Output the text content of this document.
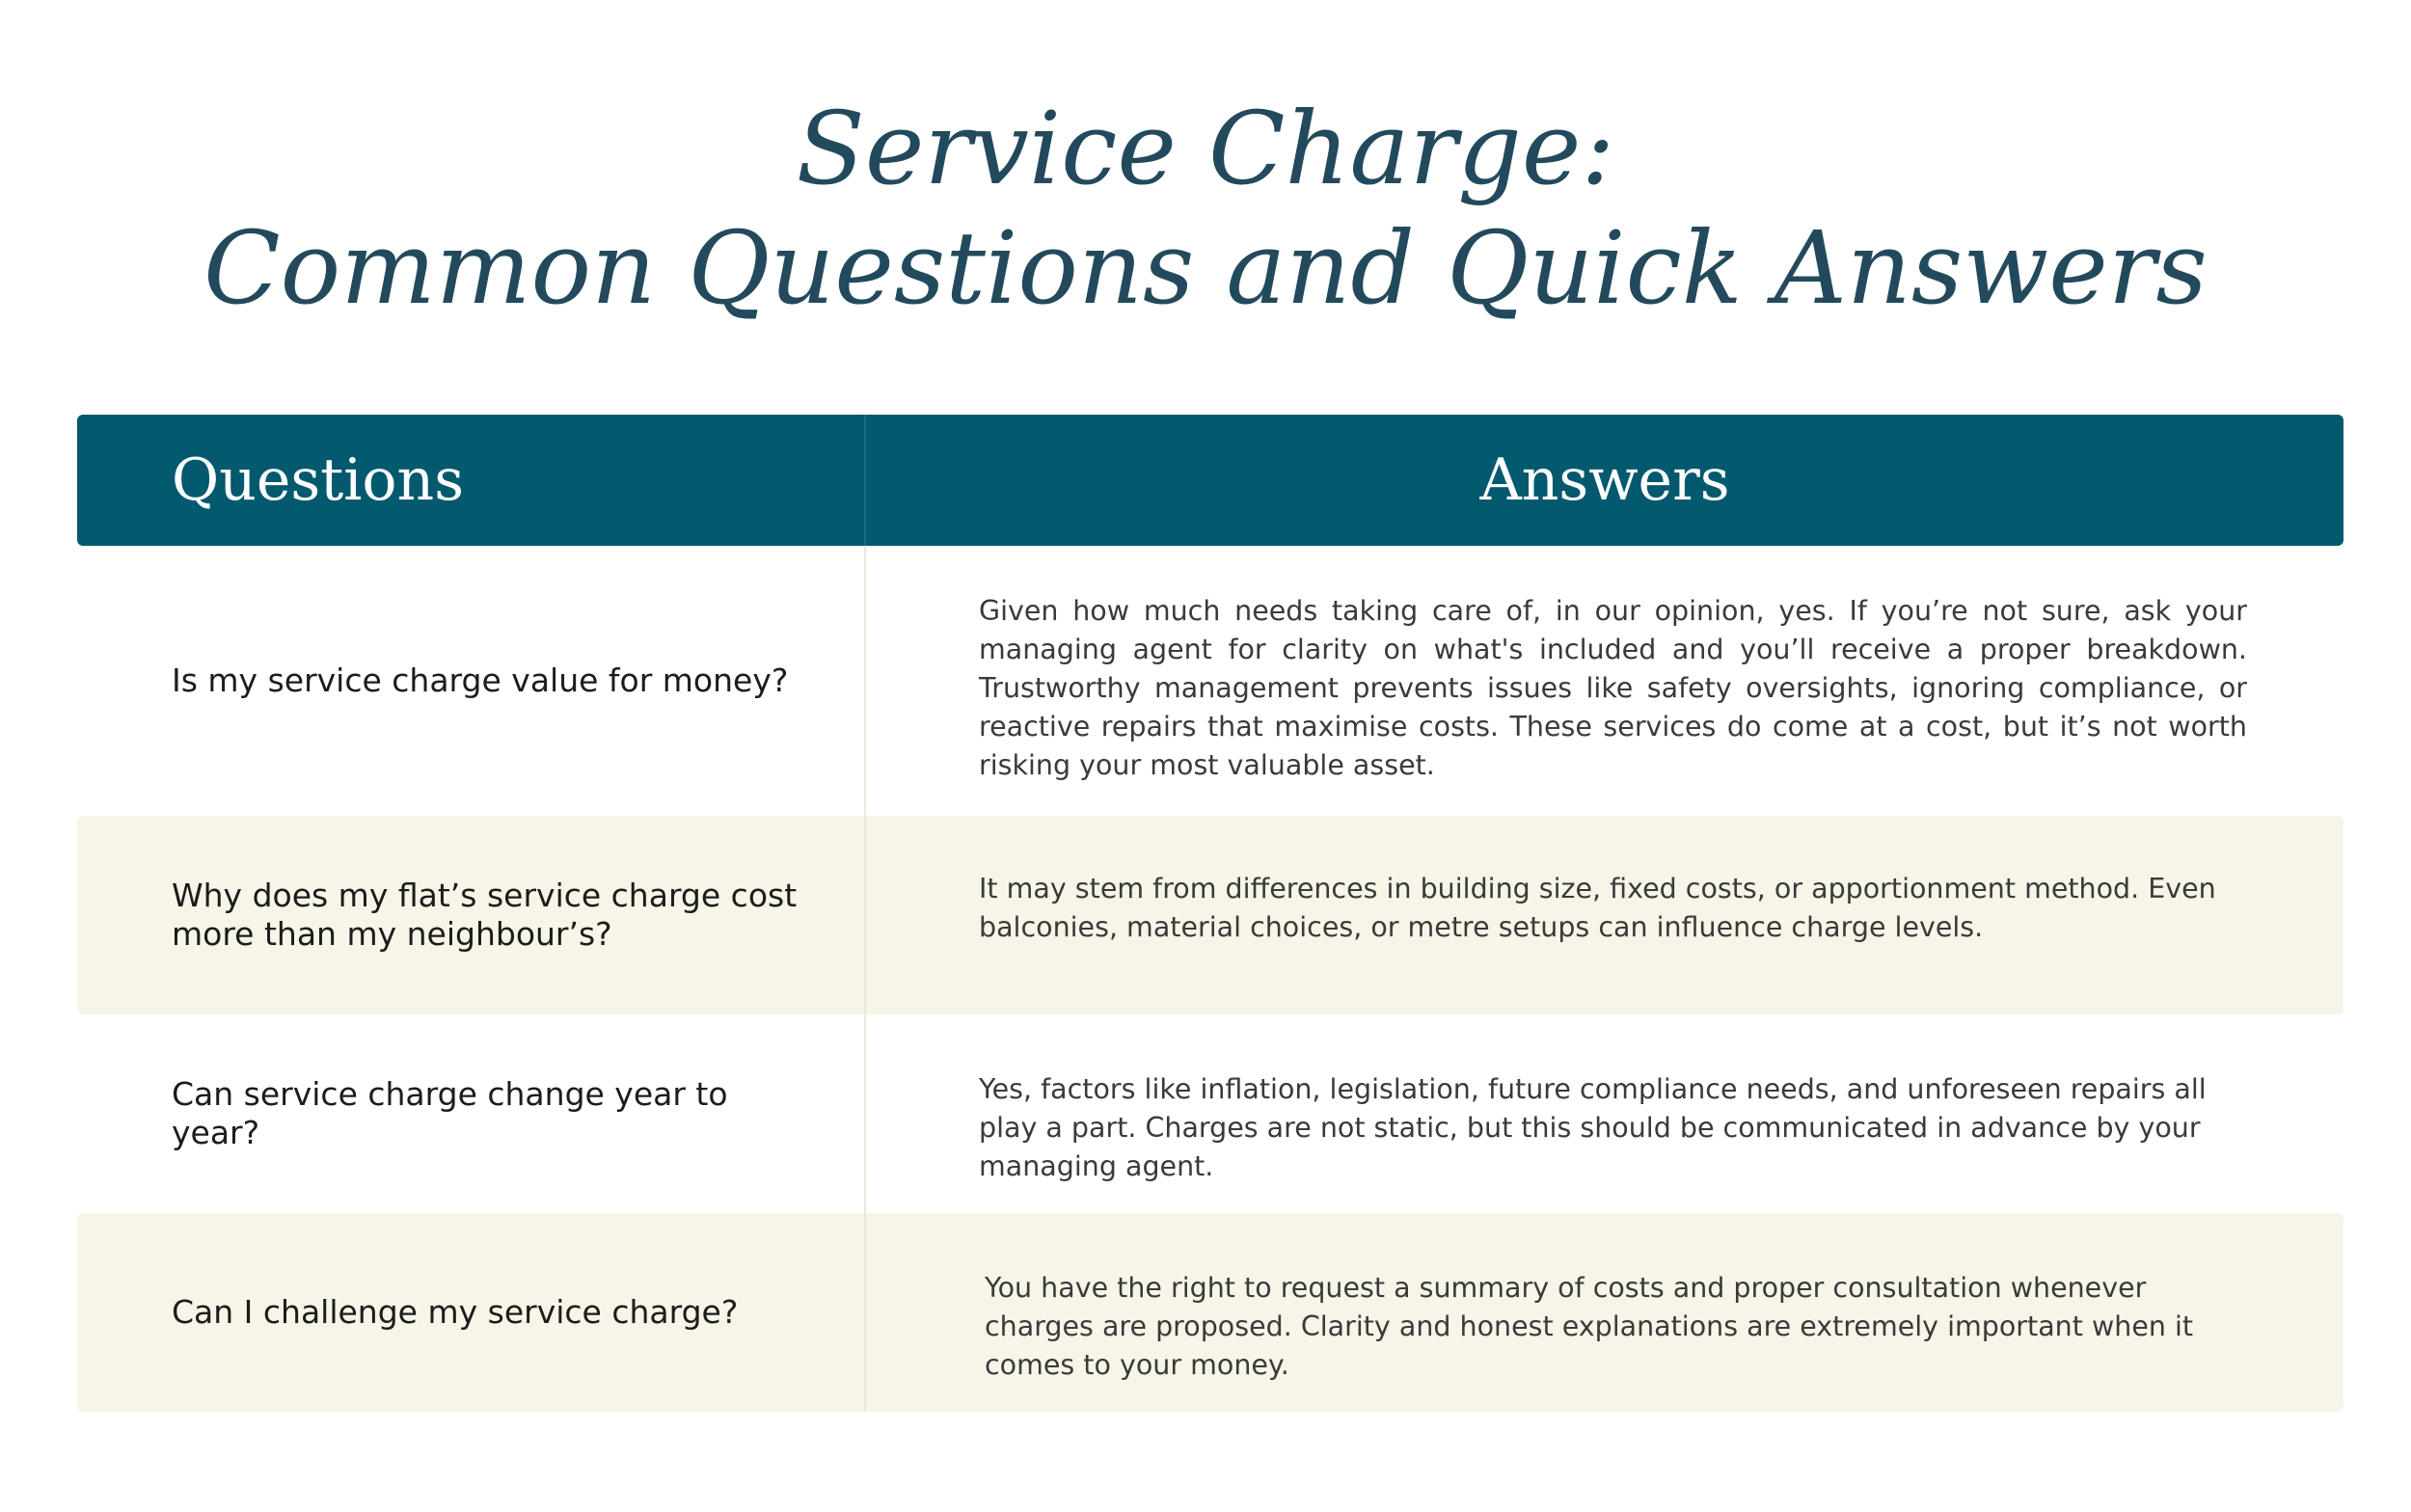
Service Charge:
Common Questions and Quick Answers
Questions	Answers
Is my service charge value for money?
Given how much needs taking care of, in our opinion, yes. If you’re not sure, ask your managing agent for clarity on what's included and you’ll receive a proper breakdown. Trustworthy management prevents issues like safety oversights, ignoring compliance, or reactive repairs that maximise costs. These services do come at a cost, but it’s not worth risking your most valuable asset.
Why does my flat’s service charge cost more than my neighbour’s?
It may stem from differences in building size, fixed costs, or apportionment method. Even balconies, material choices, or metre setups can influence charge levels.
Can service charge change year to year?
Yes, factors like inflation, legislation, future compliance needs, and unforeseen repairs all play a part. Charges are not static, but this should be communicated in advance by your managing agent.
Can I challenge my service charge?
You have the right to request a summary of costs and proper consultation whenever charges are proposed. Clarity and honest explanations are extremely important when it comes to your money.
